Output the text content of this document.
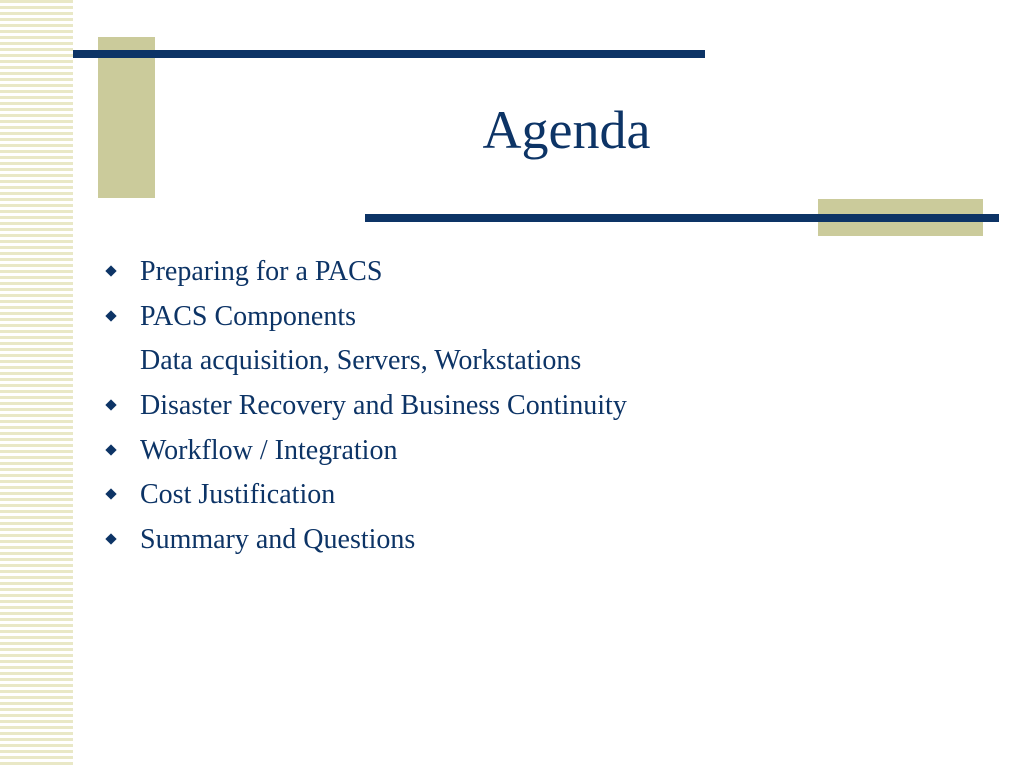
Agenda
Preparing for a PACS
PACS Components
Data acquisition, Servers, Workstations
Disaster Recovery and Business Continuity
Workflow / Integration
Cost Justification
Summary and Questions
